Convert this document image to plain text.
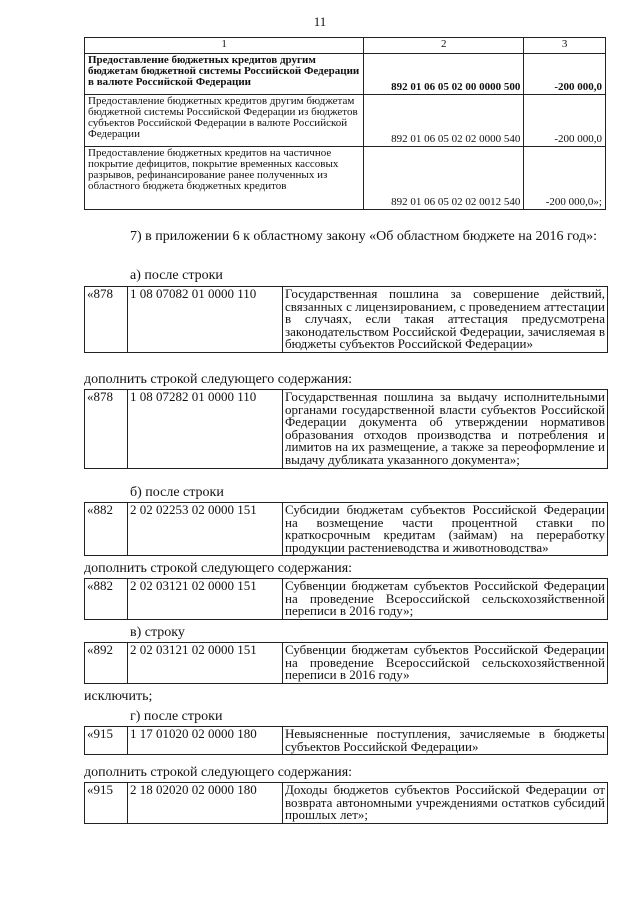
11
1	2	3
Предоставление бюджетных кредитов другим бюджетам бюджетной системы Российской Федерации в валюте Российской Федерации	892 01 06 05 02 00 0000 500	-200 000,0
Предоставление бюджетных кредитов другим бюджетам бюджетной системы Российской Федерации из бюджетов субъектов Российской Федерации в валюте Российской Федерации	892 01 06 05 02 02 0000 540	-200 000,0
Предоставление бюджетных кредитов на частичное покрытие дефицитов, покрытие временных кассовых разрывов, рефинансирование ранее полученных из областного бюджета бюджетных кредитов	892 01 06 05 02 02 0012 540	-200 000,0»;
7) в приложении 6 к областному закону «Об областном бюджете на 2016 год»:
а) после строки
«878	1 08 07082 01 0000 110	Государственная пошлина за совершение действий, связанных с лицензированием, с проведением аттестации в случаях, если такая аттестация предусмотрена законодательством Российской Федерации, зачисляемая в бюджеты субъектов Российской Федерации»
дополнить строкой следующего содержания:
«878	1 08 07282 01 0000 110	Государственная пошлина за выдачу исполнительными органами государственной власти субъектов Российской Федерации документа об утверждении нормативов образования отходов производства и потребления и лимитов на их размещение, а также за переоформление и выдачу дубликата указанного документа»;
б) после строки
«882	2 02 02253 02 0000 151	Субсидии бюджетам субъектов Российской Федерации на возмещение части процентной ставки по краткосрочным кредитам (займам) на переработку продукции растениеводства и животноводства»
дополнить строкой следующего содержания:
«882	2 02 03121 02 0000 151	Субвенции бюджетам субъектов Российской Федерации на проведение Всероссийской сельскохозяйственной переписи в 2016 году»;
в) строку
«892	2 02 03121 02 0000 151	Субвенции бюджетам субъектов Российской Федерации на проведение Всероссийской сельскохозяйственной переписи в 2016 году»
исключить;
г) после строки
«915	1 17 01020 02 0000 180	Невыясненные поступления, зачисляемые в бюджеты субъектов Российской Федерации»
дополнить строкой следующего содержания:
«915	2 18 02020 02 0000 180	Доходы бюджетов субъектов Российской Федерации от возврата автономными учреждениями остатков субсидий прошлых лет»;
